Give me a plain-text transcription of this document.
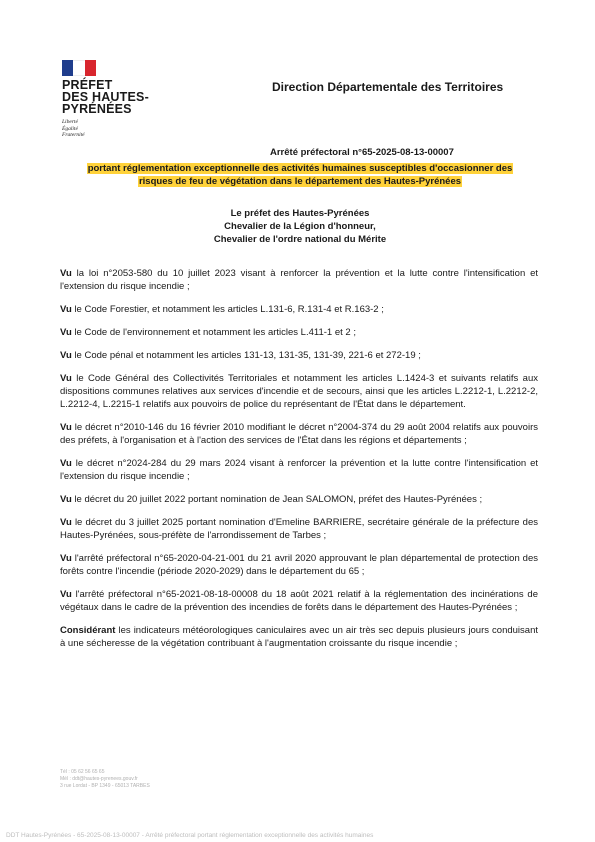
PRÉFET
DES HAUTES-
PYRÉNÉES
Liberté
Égalité
Fraternité
Direction Départementale des Territoires
Arrêté préfectoral n°65-2025-08-13-00007
portant réglementation exceptionnelle des activités humaines susceptibles d'occasionner des
risques de feu de végétation dans le département des Hautes-Pyrénées
Le préfet des Hautes-Pyrénées
Chevalier de la Légion d'honneur,
Chevalier de l'ordre national du Mérite

Vu la loi n°2053-580 du 10 juillet 2023 visant à renforcer la prévention et la lutte contre l'intensification et l'extension du risque incendie ;

Vu le Code Forestier, et notamment les articles L.131-6, R.131-4 et R.163-2 ;

Vu le Code de l'environnement et notamment les articles L.411-1 et 2 ;

Vu le Code pénal et notamment les articles 131-13, 131-35, 131-39, 221-6 et 272-19 ;

Vu le Code Général des Collectivités Territoriales et notamment les articles L.1424-3 et suivants relatifs aux dispositions communes relatives aux services d'incendie et de secours, ainsi que les articles L.2212-1, L.2212-2, L.2212-4, L.2215-1 relatifs aux pouvoirs de police du représentant de l'État dans le département.

Vu le décret n°2010-146 du 16 février 2010 modifiant le décret n°2004-374 du 29 août 2004 relatifs aux pouvoirs des préfets, à l'organisation et à l'action des services de l'État dans les régions et départements ;

Vu le décret n°2024-284 du 29 mars 2024 visant à renforcer la prévention et la lutte contre l'intensification et l'extension du risque incendie ;

Vu le décret du 20 juillet 2022 portant nomination de Jean SALOMON, préfet des Hautes-Pyrénées ;

Vu le décret du 3 juillet 2025 portant nomination d'Emeline BARRIERE, secrétaire générale de la préfecture des Hautes-Pyrénées, sous-préfète de l'arrondissement de Tarbes ;

Vu l'arrêté préfectoral n°65-2020-04-21-001 du 21 avril 2020 approuvant le plan départemental de protection des forêts contre l'incendie (période 2020-2029) dans le département du 65 ;

Vu l'arrêté préfectoral n°65-2021-08-18-00008 du 18 août 2021 relatif à la réglementation des incinérations de végétaux dans le cadre de la prévention des incendies de forêts dans le département des Hautes-Pyrénées ;

Considérant les indicateurs météorologiques caniculaires avec un air très sec depuis plusieurs jours conduisant à une sécheresse de la végétation contribuant à l'augmentation croissante du risque incendie ;

Tél : 05 62 56 65 65
Mél : ddt@hautes-pyrenees.gouv.fr
3 rue Lordat - BP 1349 - 65013 TARBES
DDT Hautes-Pyrénées - 65-2025-08-13-00007 - Arrêté préfectoral portant réglementation exceptionnelle des activités humaines
